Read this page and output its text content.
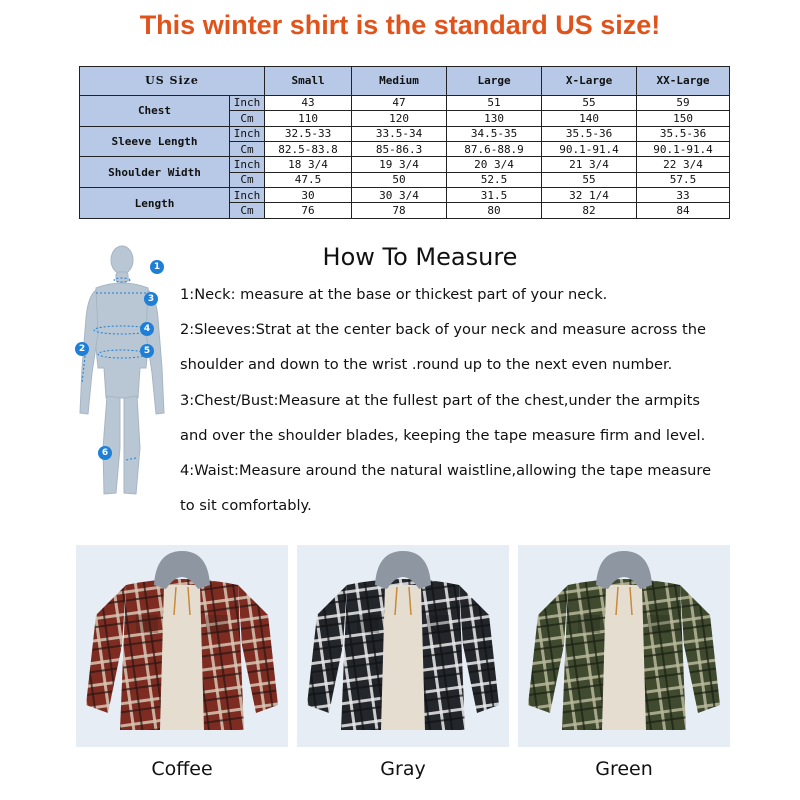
This winter shirt is the standard US size!
US Size		Small	Medium	Large	X-Large	XX-Large
Chest	Inch	43	47	51	55	59
	Cm	110	120	130	140	150
Sleeve Length	Inch	32.5-33	33.5-34	34.5-35	35.5-36	35.5-36
	Cm	82.5-83.8	85-86.3	87.6-88.9	90.1-91.4	90.1-91.4
Shoulder Width	Inch	18 3/4	19 3/4	20 3/4	21 3/4	22 3/4
	Cm	47.5	50	52.5	55	57.5
Length	Inch	30	30 3/4	31.5	32 1/4	33
	Cm	76	78	80	82	84
1
3
4
5
2
6
How To Measure
1:Neck: measure at the base or thickest part of your neck.
2:Sleeves:Strat at the center back of your neck and measure across the
shoulder and down to the wrist .round up to the next even number.
3:Chest/Bust:Measure at the fullest part of the chest,under the armpits
and over the shoulder blades, keeping the tape measure firm and level.
4:Waist:Measure around the natural waistline,allowing the tape measure
to sit comfortably.
Coffee	Gray	Green
